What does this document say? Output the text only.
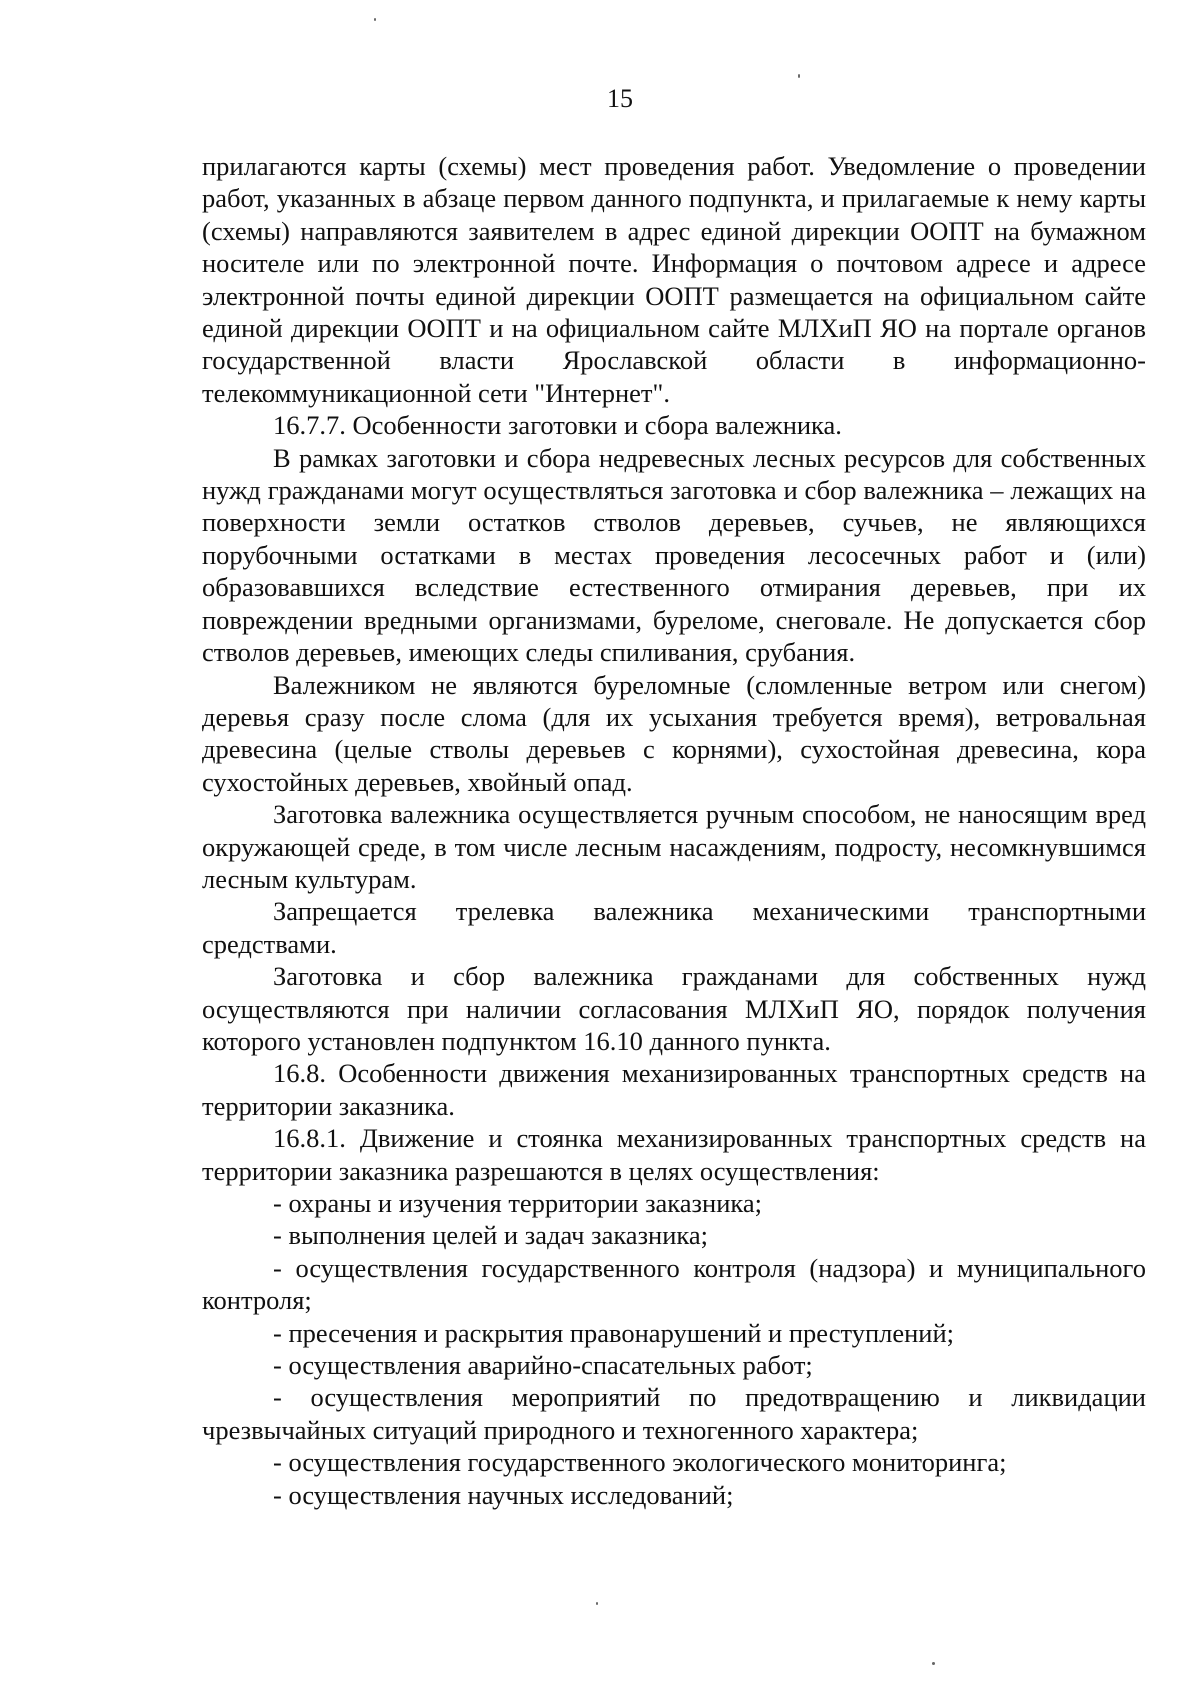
15

прилагаются карты (схемы) мест проведения работ. Уведомление о проведении работ, указанных в абзаце первом данного подпункта, и прилагаемые к нему карты (схемы) направляются заявителем в адрес единой дирекции ООПТ на бумажном носителе или по электронной почте. Информация о почтовом адресе и адресе электронной почты единой дирекции ООПТ размещается на официальном сайте единой дирекции ООПТ и на официальном сайте МЛХиП ЯО на портале органов государственной власти Ярославской области в информационно-телекоммуникационной сети "Интернет".

16.7.7. Особенности заготовки и сбора валежника.

В рамках заготовки и сбора недревесных лесных ресурсов для собственных нужд гражданами могут осуществляться заготовка и сбор валежника – лежащих на поверхности земли остатков стволов деревьев, сучьев, не являющихся порубочными остатками в местах проведения лесосечных работ и (или) образовавшихся вследствие естественного отмирания деревьев, при их повреждении вредными организмами, буреломе, снеговале. Не допускается сбор стволов деревьев, имеющих следы спиливания, срубания.

Валежником не являются буреломные (сломленные ветром или снегом) деревья сразу после слома (для их усыхания требуется время), ветровальная древесина (целые стволы деревьев с корнями), сухостойная древесина, кора сухостойных деревьев, хвойный опад.

Заготовка валежника осуществляется ручным способом, не наносящим вред окружающей среде, в том числе лесным насаждениям, подросту, несомкнувшимся лесным культурам.

Запрещается трелевка валежника механическими транспортными средствами.

Заготовка и сбор валежника гражданами для собственных нужд осуществляются при наличии согласования МЛХиП ЯО, порядок получения которого установлен подпунктом 16.10 данного пункта.

16.8. Особенности движения механизированных транспортных средств на территории заказника.

16.8.1. Движение и стоянка механизированных транспортных средств на территории заказника разрешаются в целях осуществления:

- охраны и изучения территории заказника;

- выполнения целей и задач заказника;

- осуществления государственного контроля (надзора) и муниципального контроля;

- пресечения и раскрытия правонарушений и преступлений;

- осуществления аварийно-спасательных работ;

- осуществления мероприятий по предотвращению и ликвидации чрезвычайных ситуаций природного и техногенного характера;

- осуществления государственного экологического мониторинга;

- осуществления научных исследований;
